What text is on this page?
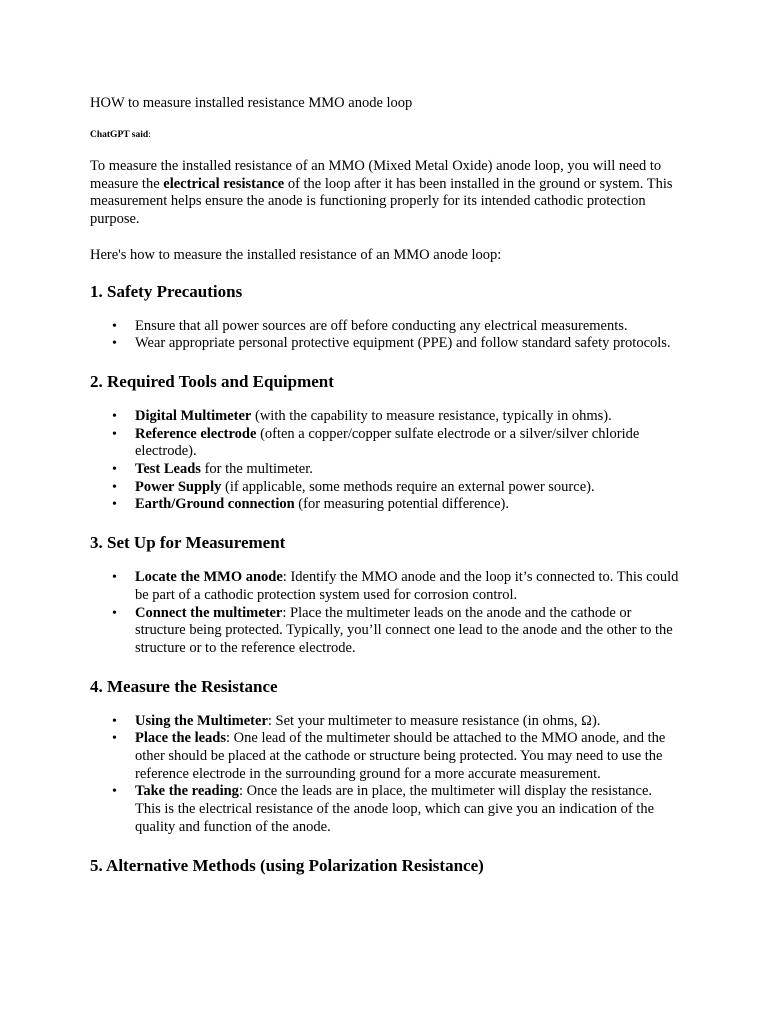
HOW to measure installed resistance MMO anode loop

ChatGPT said:

To measure the installed resistance of an MMO (Mixed Metal Oxide) anode loop, you will need to measure the electrical resistance of the loop after it has been installed in the ground or system. This measurement helps ensure the anode is functioning properly for its intended cathodic protection purpose.

Here's how to measure the installed resistance of an MMO anode loop:

1. Safety Precautions
• Ensure that all power sources are off before conducting any electrical measurements.
• Wear appropriate personal protective equipment (PPE) and follow standard safety protocols.
2. Required Tools and Equipment
• Digital Multimeter (with the capability to measure resistance, typically in ohms).
• Reference electrode (often a copper/copper sulfate electrode or a silver/silver chloride electrode).
• Test Leads for the multimeter.
• Power Supply (if applicable, some methods require an external power source).
• Earth/Ground connection (for measuring potential difference).
3. Set Up for Measurement
• Locate the MMO anode: Identify the MMO anode and the loop it’s connected to. This could be part of a cathodic protection system used for corrosion control.
• Connect the multimeter: Place the multimeter leads on the anode and the cathode or structure being protected. Typically, you’ll connect one lead to the anode and the other to the structure or to the reference electrode.
4. Measure the Resistance
• Using the Multimeter: Set your multimeter to measure resistance (in ohms, Ω).
• Place the leads: One lead of the multimeter should be attached to the MMO anode, and the other should be placed at the cathode or structure being protected. You may need to use the reference electrode in the surrounding ground for a more accurate measurement.
• Take the reading: Once the leads are in place, the multimeter will display the resistance. This is the electrical resistance of the anode loop, which can give you an indication of the quality and function of the anode.
5. Alternative Methods (using Polarization Resistance)
